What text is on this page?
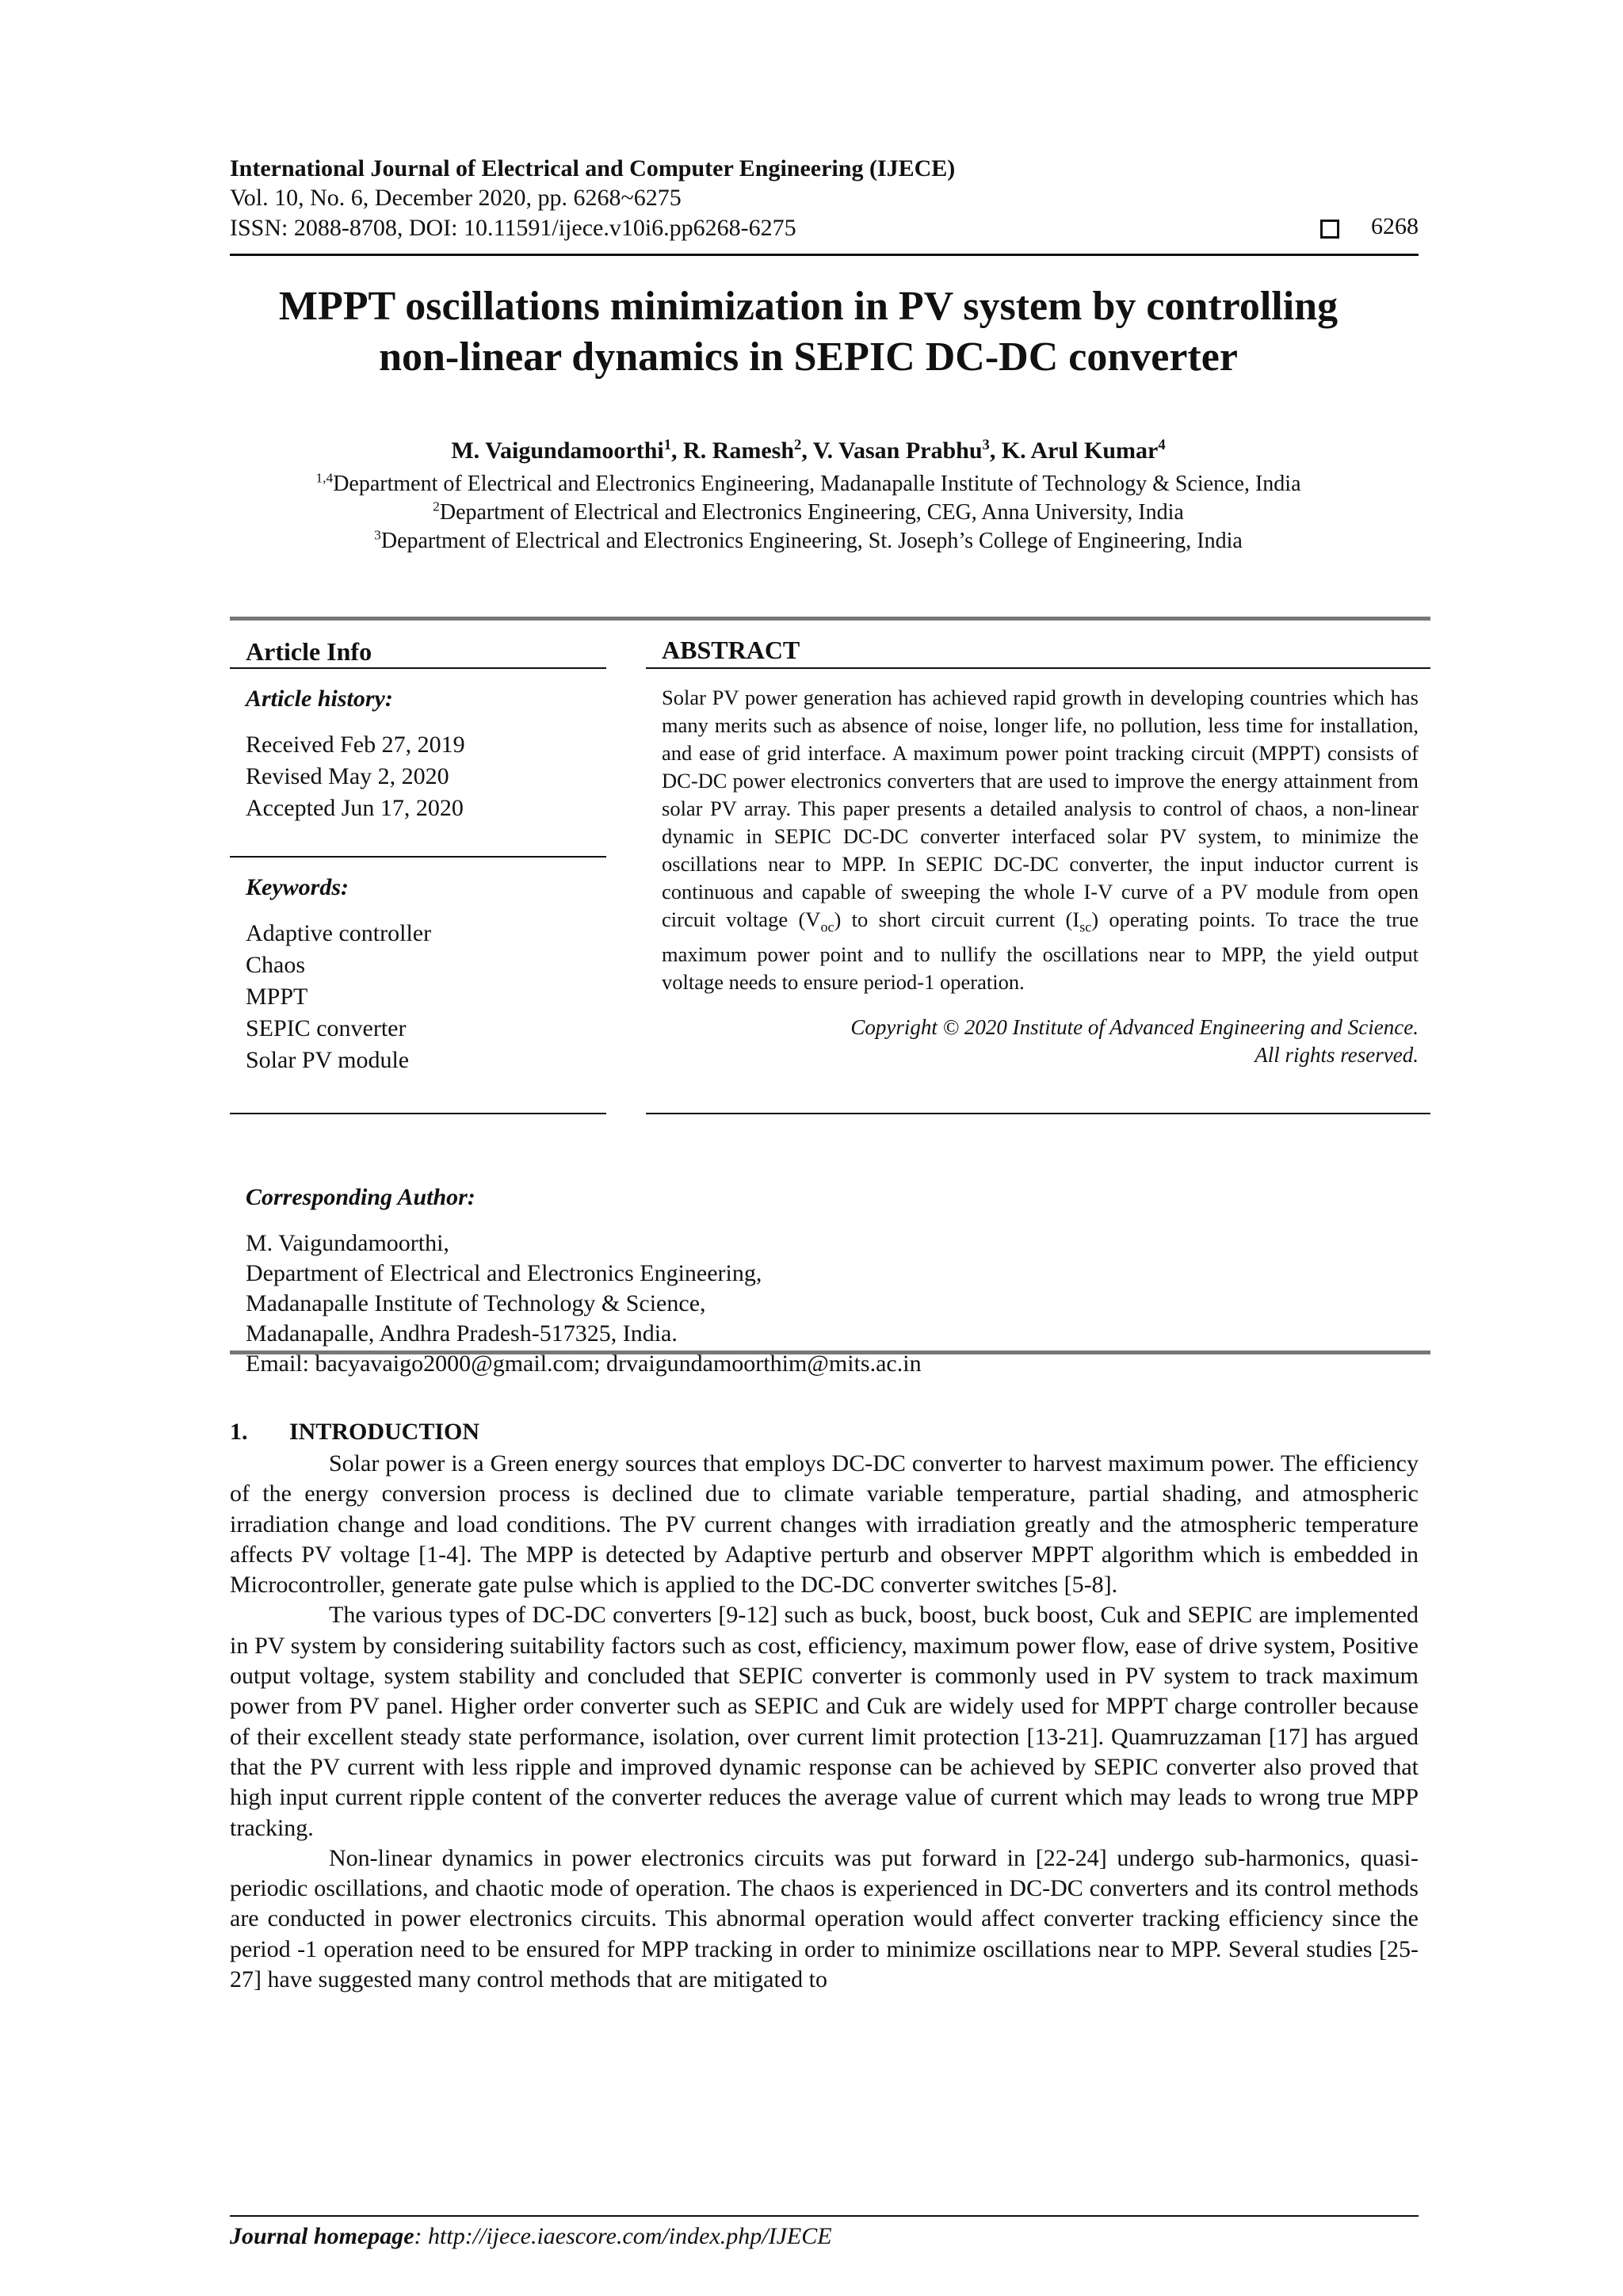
International Journal of Electrical and Computer Engineering (IJECE)
Vol. 10, No. 6, December 2020, pp. 6268~6275
ISSN: 2088-8708, DOI: 10.11591/ijece.v10i6.pp6268-6275	6268
MPPT oscillations minimization in PV system by controlling
non-linear dynamics in SEPIC DC-DC converter
M. Vaigundamoorthi$^1$, R. Ramesh$^2$, V. Vasan Prabhu$^3$, K. Arul Kumar$^4$
$^{1,4}$Department of Electrical and Electronics Engineering, Madanapalle Institute of Technology & Science, India
$^2$Department of Electrical and Electronics Engineering, CEG, Anna University, India
$^3$Department of Electrical and Electronics Engineering, St. Joseph’s College of Engineering, India
Article Info
Article history:
Received Feb 27, 2019
Revised May 2, 2020
Accepted Jun 17, 2020
Keywords:
Adaptive controller
Chaos
MPPT
SEPIC converter
Solar PV module
ABSTRACT

Solar PV power generation has achieved rapid growth in developing countries which has many merits such as absence of noise, longer life, no pollution, less time for installation, and ease of grid interface. A maximum power point tracking circuit (MPPT) consists of DC-DC power electronics converters that are used to improve the energy attainment from solar PV array. This paper presents a detailed analysis to control of chaos, a non-linear dynamic in SEPIC DC-DC converter interfaced solar PV system, to minimize the oscillations near to MPP. In SEPIC DC-DC converter, the input inductor current is continuous and capable of sweeping the whole I-V curve of a PV module from open circuit voltage $(V_{oc})$ to short circuit current $(I_{sc})$ operating points. To trace the true maximum power point and to nullify the oscillations near to MPP, the yield output voltage needs to ensure period-1 operation.

Copyright © 2020 Institute of Advanced Engineering and Science.
All rights reserved.
Corresponding Author:
M. Vaigundamoorthi,
Department of Electrical and Electronics Engineering,
Madanapalle Institute of Technology & Science,
Madanapalle, Andhra Pradesh-517325, India.
Email: bacyavaigo2000@gmail.com; drvaigundamoorthim@mits.ac.in
1. INTRODUCTION

Solar power is a Green energy sources that employs DC-DC converter to harvest maximum power. The efficiency of the energy conversion process is declined due to climate variable temperature, partial shading, and atmospheric irradiation change and load conditions. The PV current changes with irradiation greatly and the atmospheric temperature affects PV voltage [1-4]. The MPP is detected by Adaptive perturb and observer MPPT algorithm which is embedded in Microcontroller, generate gate pulse which is applied to the DC-DC converter switches [5-8].

The various types of DC-DC converters [9-12] such as buck, boost, buck boost, Cuk and SEPIC are implemented in PV system by considering suitability factors such as cost, efficiency, maximum power flow, ease of drive system, Positive output voltage, system stability and concluded that SEPIC converter is commonly used in PV system to track maximum power from PV panel. Higher order converter such as SEPIC and Cuk are widely used for MPPT charge controller because of their excellent steady state performance, isolation, over current limit protection [13-21]. Quamruzzaman [17] has argued that the PV current with less ripple and improved dynamic response can be achieved by SEPIC converter also proved that high input current ripple content of the converter reduces the average value of current which may leads to wrong true MPP tracking.

Non-linear dynamics in power electronics circuits was put forward in [22-24] undergo sub-harmonics, quasi-periodic oscillations, and chaotic mode of operation. The chaos is experienced in DC-DC converters and its control methods are conducted in power electronics circuits. This abnormal operation would affect converter tracking efficiency since the period -1 operation need to be ensured for MPP tracking in order to minimize oscillations near to MPP. Several studies [25-27] have suggested many control methods that are mitigated to

Journal homepage: http://ijece.iaescore.com/index.php/IJECE
